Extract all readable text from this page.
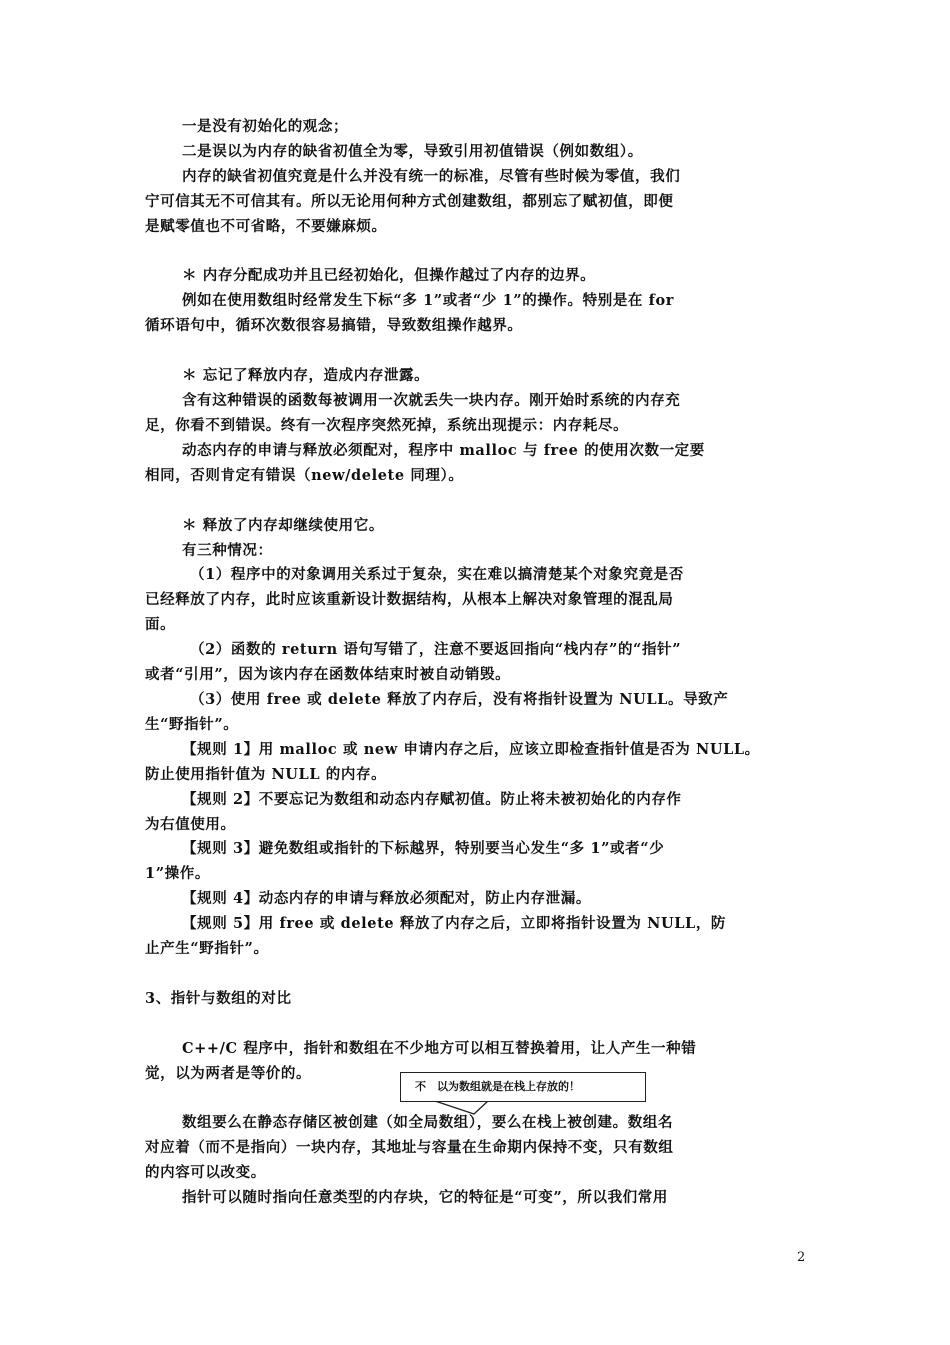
一是没有初始化的观念；
二是误以为内存的缺省初值全为零，导致引用初值错误（例如数组）。
内存的缺省初值究竟是什么并没有统一的标准，尽管有些时候为零值，我们
宁可信其无不可信其有。所以无论用何种方式创建数组，都别忘了赋初值，即便
是赋零值也不可省略，不要嫌麻烦。
＊ 内存分配成功并且已经初始化，但操作越过了内存的边界。
例如在使用数组时经常发生下标“多 1”或者“少 1”的操作。特别是在 for
循环语句中，循环次数很容易搞错，导致数组操作越界。
＊ 忘记了释放内存，造成内存泄露。
含有这种错误的函数每被调用一次就丢失一块内存。刚开始时系统的内存充
足，你看不到错误。终有一次程序突然死掉，系统出现提示：内存耗尽。
动态内存的申请与释放必须配对，程序中 malloc 与 free 的使用次数一定要
相同，否则肯定有错误（new/delete 同理）。
＊ 释放了内存却继续使用它。
有三种情况：
（1）程序中的对象调用关系过于复杂，实在难以搞清楚某个对象究竟是否
已经释放了内存，此时应该重新设计数据结构，从根本上解决对象管理的混乱局
面。
（2）函数的 return 语句写错了，注意不要返回指向“栈内存”的“指针”
或者“引用”，因为该内存在函数体结束时被自动销毁。
（3）使用 free 或 delete 释放了内存后，没有将指针设置为 NULL。导致产
生“野指针”。
【规则 1】用 malloc 或 new 申请内存之后，应该立即检查指针值是否为 NULL。
防止使用指针值为 NULL 的内存。
【规则 2】不要忘记为数组和动态内存赋初值。防止将未被初始化的内存作
为右值使用。
【规则 3】避免数组或指针的下标越界，特别要当心发生“多 1”或者“少
1”操作。
【规则 4】动态内存的申请与释放必须配对，防止内存泄漏。
【规则 5】用 free 或 delete 释放了内存之后，立即将指针设置为 NULL，防
止产生“野指针”。
3、指针与数组的对比
C++/C 程序中，指针和数组在不少地方可以相互替换着用，让人产生一种错
觉，以为两者是等价的。
数组要么在静态存储区被创建（如全局数组），要么在栈上被创建。数组名
对应着（而不是指向）一块内存，其地址与容量在生命期内保持不变，只有数组
的内容可以改变。
指针可以随时指向任意类型的内存块，它的特征是“可变”，所以我们常用
不　以为数组就是在栈上存放的！
2
